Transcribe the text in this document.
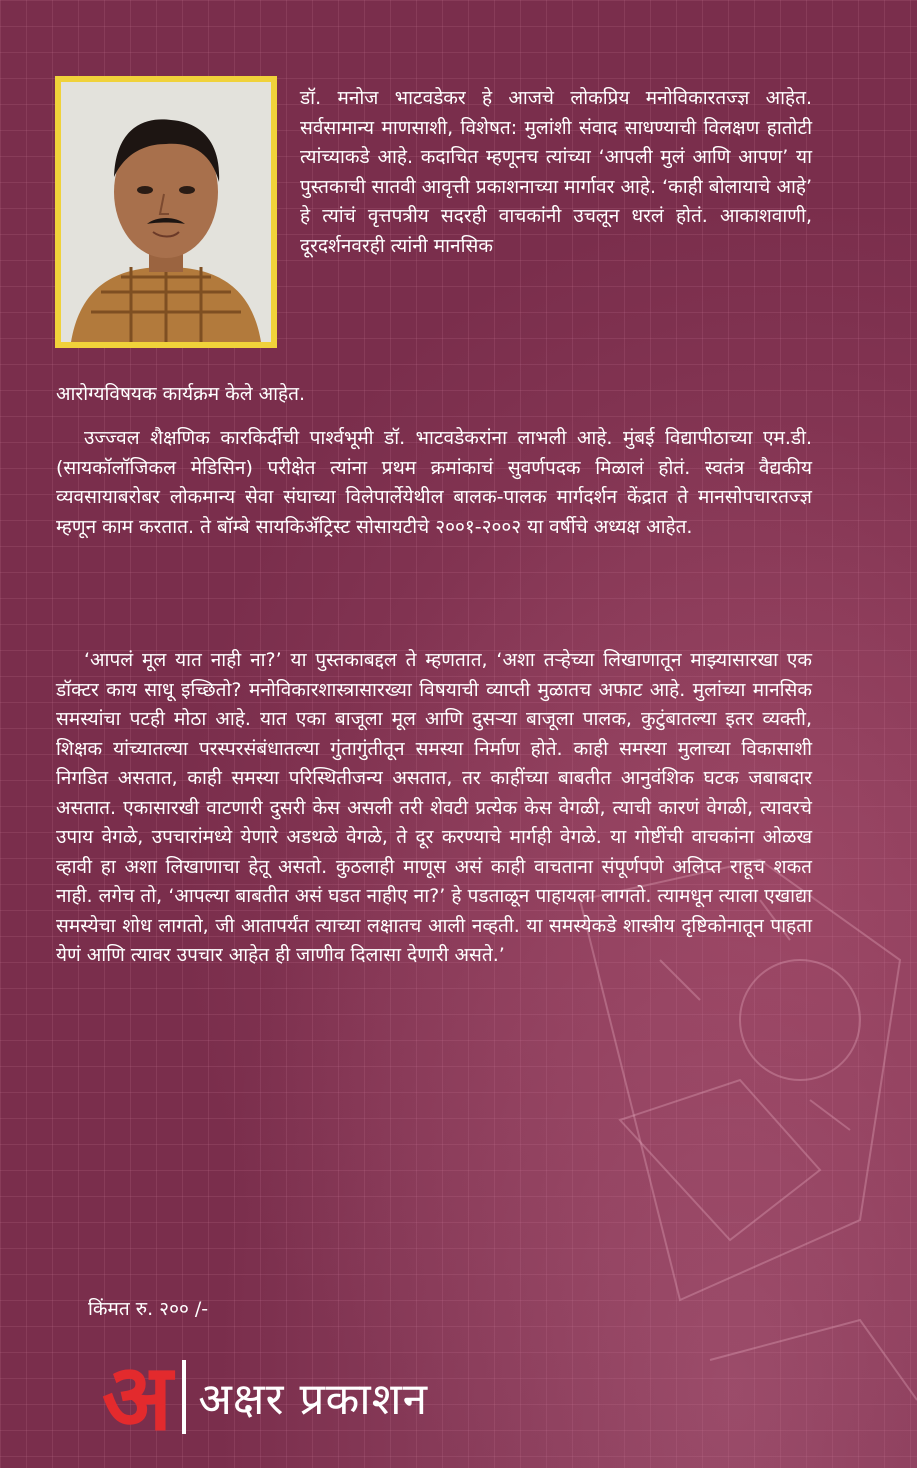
डॉ. मनोज भाटवडेकर हे आजचे लोकप्रिय मनोविकारतज्ज्ञ आहेत. सर्वसामान्य माणसाशी, विशेषत: मुलांशी संवाद साधण्याची विलक्षण हातोटी त्यांच्याकडे आहे. कदाचित म्हणूनच त्यांच्या ‘आपली मुलं आणि आपण’ या पुस्तकाची सातवी आवृत्ती प्रकाशनाच्या मार्गावर आहे. ‘काही बोलायाचे आहे’ हे त्यांचं वृत्तपत्रीय सदरही वाचकांनी उचलून धरलं होतं. आकाशवाणी, दूरदर्शनवरही त्यांनी मानसिक
आरोग्यविषयक कार्यक्रम केले आहेत.
उज्ज्वल शैक्षणिक कारकिर्दीची पार्श्वभूमी डॉ. भाटवडेकरांना लाभली आहे. मुंबई विद्यापीठाच्या एम.डी. (सायकॉलॉजिकल मेडिसिन) परीक्षेत त्यांना प्रथम क्रमांकाचं सुवर्णपदक मिळालं होतं. स्वतंत्र वैद्यकीय व्यवसायाबरोबर लोकमान्य सेवा संघाच्या विलेपार्लेयेथील बालक-पालक मार्गदर्शन केंद्रात ते मानसोपचारतज्ज्ञ म्हणून काम करतात. ते बॉम्बे सायकिॲट्रिस्ट सोसायटीचे २००१-२००२ या वर्षीचे अध्यक्ष आहेत.
‘आपलं मूल यात नाही ना?’ या पुस्तकाबद्दल ते म्हणतात, ‘अशा तऱ्हेच्या लिखाणातून माझ्यासारखा एक डॉक्टर काय साधू इच्छितो? मनोविकारशास्त्रासारख्या विषयाची व्याप्ती मुळातच अफाट आहे. मुलांच्या मानसिक समस्यांचा पटही मोठा आहे. यात एका बाजूला मूल आणि दुसऱ्या बाजूला पालक, कुटुंबातल्या इतर व्यक्ती, शिक्षक यांच्यातल्या परस्परसंबंधातल्या गुंतागुंतीतून समस्या निर्माण होते. काही समस्या मुलाच्या विकासाशी निगडित असतात, काही समस्या परिस्थितीजन्य असतात, तर काहींच्या बाबतीत आनुवंशिक घटक जबाबदार असतात. एकासारखी वाटणारी दुसरी केस असली तरी शेवटी प्रत्येक केस वेगळी, त्याची कारणं वेगळी, त्यावरचे उपाय वेगळे, उपचारांमध्ये येणारे अडथळे वेगळे, ते दूर करण्याचे मार्गही वेगळे. या गोष्टींची वाचकांना ओळख व्हावी हा अशा लिखाणाचा हेतू असतो. कुठलाही माणूस असं काही वाचताना संपूर्णपणे अलिप्त राहूच शकत नाही. लगेच तो, ‘आपल्या बाबतीत असं घडत नाहीए ना?’ हे पडताळून पाहायला लागतो. त्यामधून त्याला एखाद्या समस्येचा शोध लागतो, जी आतापर्यंत त्याच्या लक्षातच आली नव्हती. या समस्येकडे शास्त्रीय दृष्टिकोनातून पाहता येणं आणि त्यावर उपचार आहेत ही जाणीव दिलासा देणारी असते.’
किंमत रु. २०० /-
अ अक्षर प्रकाशन
